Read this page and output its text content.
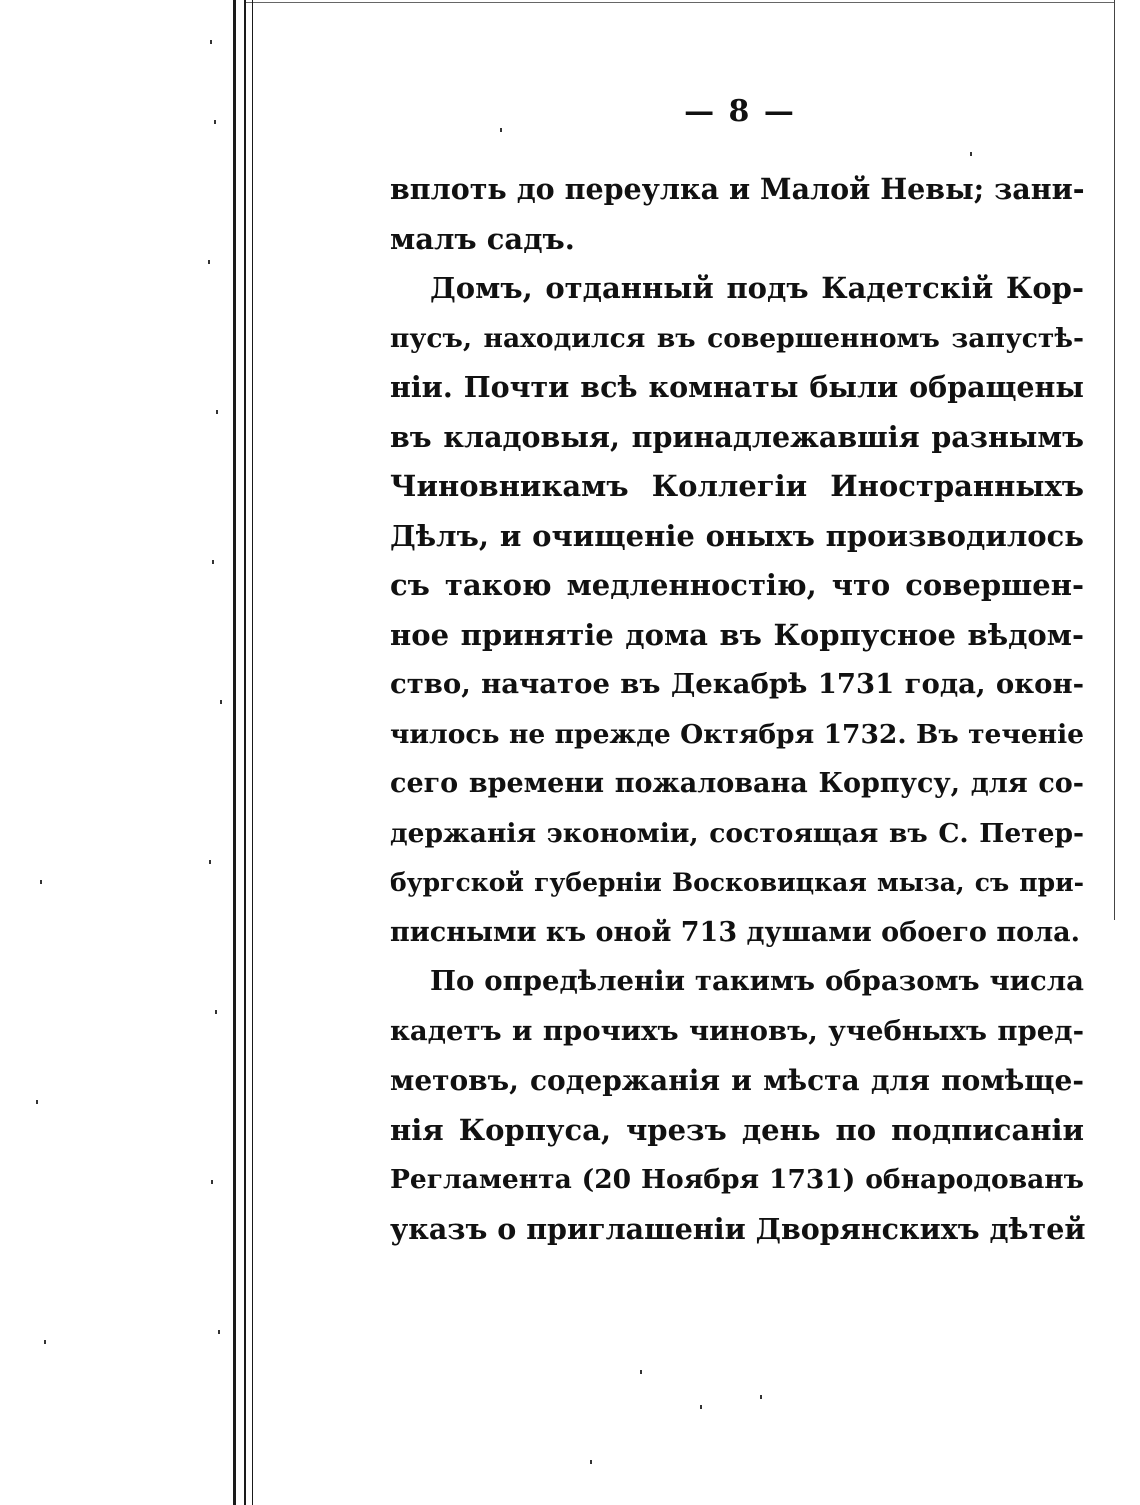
— 8 —
вплоть до переулка и Малой Невы; зани-
малъ садъ.
Домъ, отданный подъ Кадетскій Кор-
пусъ, находился въ совершенномъ запустѣ-
ніи. Почти всѣ комнаты были обращены
въ кладовыя, принадлежавшія разнымъ
Чиновникамъ Коллегіи Иностранныхъ
Дѣлъ, и очищеніе оныхъ производилось
съ такою медленностію, что совершен-
ное принятіе дома въ Корпусное вѣдом-
ство, начатое въ Декабрѣ 1731 года, окон-
чилось не прежде Октября 1732. Въ теченіе
сего времени пожалована Корпусу, для со-
держанія экономіи, состоящая въ С. Петер-
бургской губерніи Восковицкая мыза, съ при-
писными къ оной 713 душами обоего пола.
По опредѣленіи такимъ образомъ числа
кадетъ и прочихъ чиновъ, учебныхъ пред-
метовъ, содержанія и мѣста для помѣще-
нія Корпуса, чрезъ день по подписаніи
Регламента (20 Ноября 1731) обнародованъ
указъ о приглашеніи Дворянскихъ дѣтей
